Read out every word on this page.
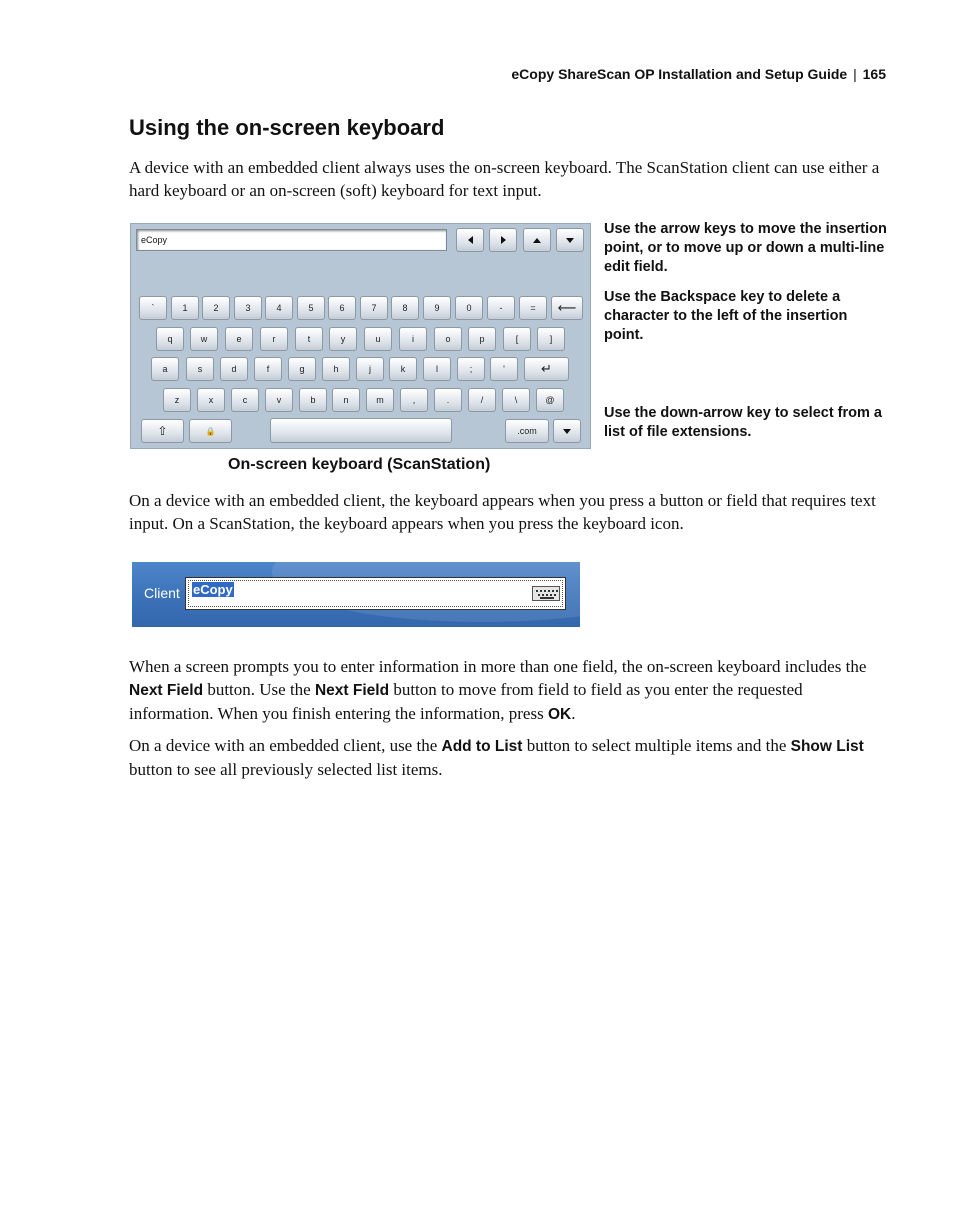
eCopy ShareScan OP Installation and Setup Guide | 165
Using the on-screen keyboard

A device with an embedded client always uses the on-screen keyboard. The ScanStation client can use either a hard keyboard or an on-screen (soft) keyboard for text input.

eCopy
`	1	2	3	4	5	6	7	8	9	0	-	=	⟵
q	w	e	r	t	y	u	i	o	p	[	]
a	s	d	f	g	h	j	k	l	;	'	↵
z	x	c	v	b	n	m	,	.	/	\	@
⇧	🔒	.com

Use the arrow keys to move the insertion point, or to move up or down a multi-line edit field.

Use the Backspace key to delete a character to the left of the insertion point.

Use the down-arrow key to select from a list of file extensions.

On-screen keyboard (ScanStation)

On a device with an embedded client, the keyboard appears when you press a button or field that requires text input. On a ScanStation, the keyboard appears when you press the keyboard icon.

Client eCopy

When a screen prompts you to enter information in more than one field, the on-screen keyboard includes the Next Field button. Use the Next Field button to move from field to field as you enter the requested information. When you finish entering the information, press OK.

On a device with an embedded client, use the Add to List button to select multiple items and the Show List button to see all previously selected list items.
